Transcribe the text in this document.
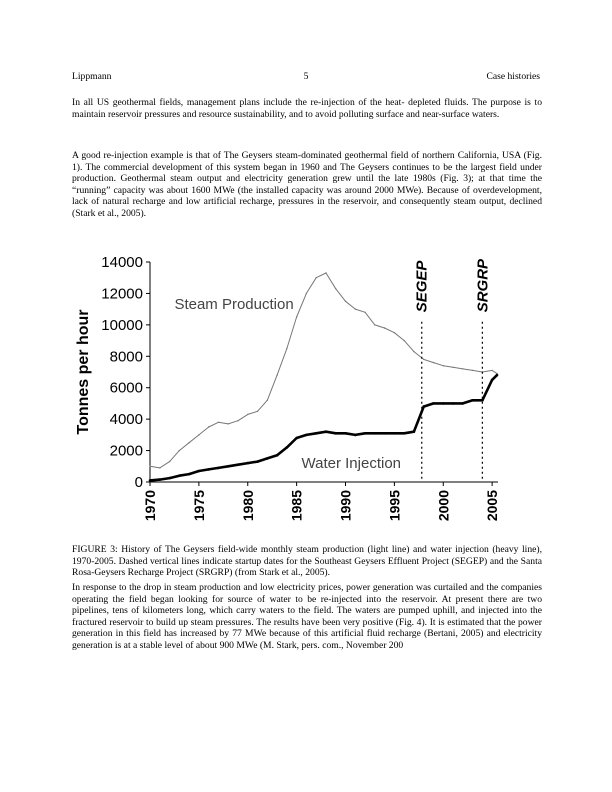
Lippmann	5	Case histories

In all US geothermal fields, management plans include the re-injection of the heat- depleted fluids. The purpose is to maintain reservoir pressures and resource sustainability, and to avoid polluting surface and near-surface waters.

A good re-injection example is that of The Geysers steam-dominated geothermal field of northern California, USA (Fig. 1). The commercial development of this system began in 1960 and The Geysers continues to be the largest field under production. Geothermal steam output and electricity generation grew until the late 1980s (Fig. 3); at that time the “running” capacity was about 1600 MWe (the installed capacity was around 2000 MWe). Because of overdevelopment, lack of natural recharge and low artificial recharge, pressures in the reservoir, and consequently steam output, declined (Stark et al., 2005).

0
2000
4000
6000
8000
10000
12000
14000
1970 1975 1980 1985 1990 1995 2000 2005
Tonnes per hour
Steam Production
Water Injection
SEGEP	SRGRP

FIGURE 3: History of The Geysers field-wide monthly steam production (light line) and water injection (heavy line), 1970-2005. Dashed vertical lines indicate startup dates for the Southeast Geysers Effluent Project (SEGEP) and the Santa Rosa-Geysers Recharge Project (SRGRP) (from Stark et al., 2005).

In response to the drop in steam production and low electricity prices, power generation was curtailed and the companies operating the field began looking for source of water to be re-injected into the reservoir. At present there are two pipelines, tens of kilometers long, which carry waters to the field. The waters are pumped uphill, and injected into the fractured reservoir to build up steam pressures. The results have been very positive (Fig. 4). It is estimated that the power generation in this field has increased by 77 MWe because of this artificial fluid recharge (Bertani, 2005) and electricity generation is at a stable level of about 900 MWe (M. Stark, pers. com., November 200
